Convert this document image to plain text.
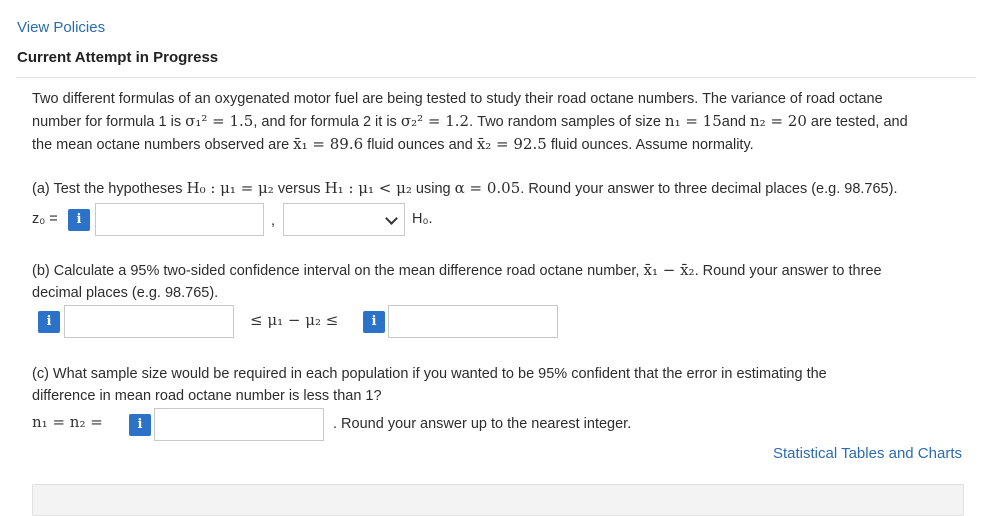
View Policies
Current Attempt in Progress
Two different formulas of an oxygenated motor fuel are being tested to study their road octane numbers. The variance of road octane
number for formula 1 is σ₁² = 1.5, and for formula 2 it is σ₂² = 1.2. Two random samples of size n₁ = 15and n₂ = 20 are tested, and
the mean octane numbers observed are x̄₁ = 89.6 fluid ounces and x̄₂ = 92.5 fluid ounces. Assume normality.
(a) Test the hypotheses H₀ : μ₁ = μ₂ versus H₁ : μ₁ < μ₂ using α = 0.05. Round your answer to three decimal places (e.g. 98.765).
z₀ =	i	,	H₀.
(b) Calculate a 95% two-sided confidence interval on the mean difference road octane number, x̄₁ − x̄₂. Round your answer to three
decimal places (e.g. 98.765).
i	≤ μ₁ − μ₂ ≤	i
(c) What sample size would be required in each population if you wanted to be 95% confident that the error in estimating the
difference in mean road octane number is less than 1?
n₁ = n₂ =	i	. Round your answer up to the nearest integer.
Statistical Tables and Charts
